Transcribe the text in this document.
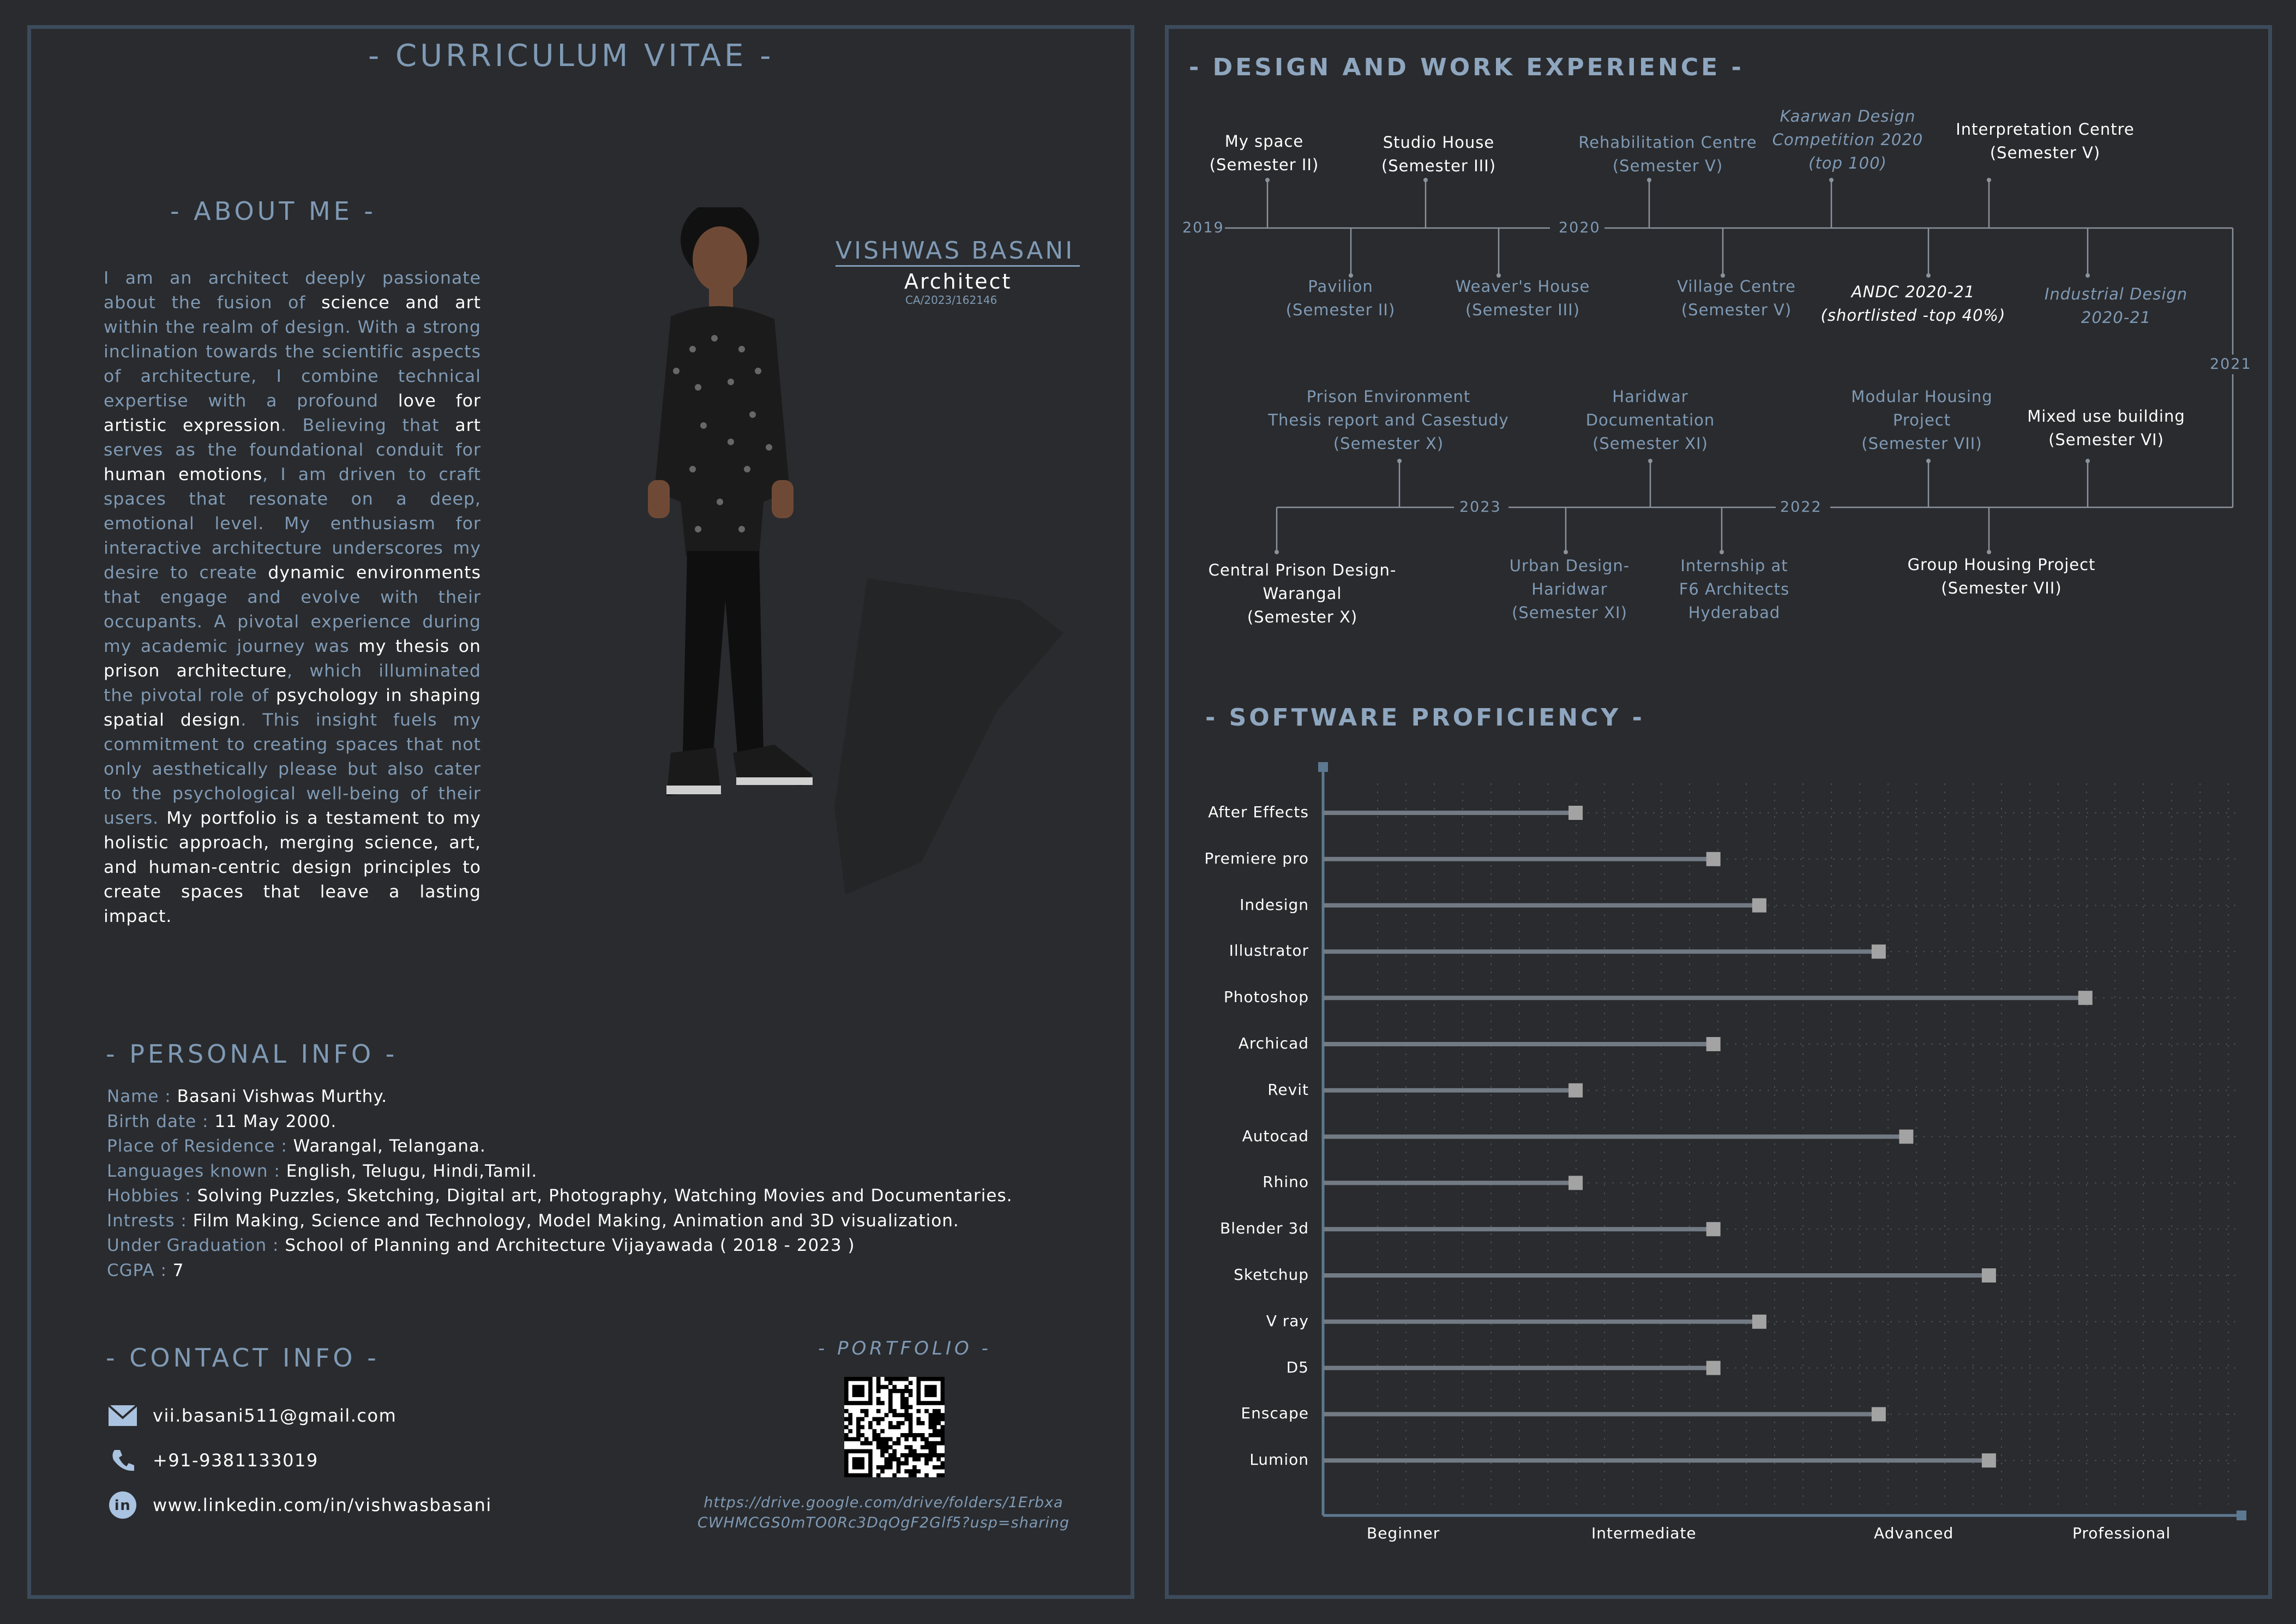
- CURRICULUM VITAE -
- ABOUT ME -

I am an architect deeply passionate about the fusion of science and art within the realm of design. With a strong inclination towards the scientific aspects of architecture, I combine technical expertise with a profound love for artistic expression. Believing that art serves as the foundational conduit for human emotions, I am driven to craft spaces that resonate on a deep, emotional level. My enthusiasm for interactive architecture underscores my desire to create dynamic environments that engage and evolve with their occupants. A pivotal experience during my academic journey was my thesis on prison architecture, which illuminated the pivotal role of psychology in shaping spatial design. This insight fuels my commitment to creating spaces that not only aesthetically please but also cater to the psychological well-being of their users. My portfolio is a testament to my holistic approach, merging science, art, and human-centric design principles to create spaces that leave a lasting impact.

VISHWAS BASANI
Architect
CA/2023/162146
- PERSONAL INFO -
Name : Basani Vishwas Murthy.
Birth date : 11 May 2000.
Place of Residence : Warangal, Telangana.
Languages known : English, Telugu, Hindi,Tamil.
Hobbies : Solving Puzzles, Sketching, Digital art, Photography, Watching Movies and Documentaries.
Intrests : Film Making, Science and Technology, Model Making, Animation and 3D visualization.
Under Graduation : School of Planning and Architecture Vijayawada ( 2018 - 2023 )
CGPA : 7
- CONTACT INFO -
vii.basani511@gmail.com
+91-9381133019
in www.linkedin.com/in/vishwasbasani
- PORTFOLIO -
https://drive.google.com/drive/folders/1Erbxa
CWHMCGS0mTO0Rc3DqOgF2Glf5?usp=sharing
- DESIGN AND WORK EXPERIENCE -
2019	2020
2021
2022
2023
My space
(Semester II)
Studio House
(Semester III)
Rehabilitation Centre
(Semester V)
Kaarwan Design
Competition 2020
(top 100)
Interpretation Centre
(Semester V)
Pavilion
(Semester II)
Weaver's House
(Semester III)
Village Centre
(Semester V)
ANDC 2020-21
(shortlisted -top 40%)
Industrial Design
2020-21
Prison Environment
Thesis report and Casestudy
(Semester X)
Haridwar
Documentation
(Semester XI)
Modular Housing
Project
(Semester VII)
Mixed use building
(Semester VI)
Central Prison Design-
Warangal
(Semester X)
Urban Design-
Haridwar
(Semester XI)
Internship at
F6 Architects
Hyderabad
Group Housing Project
(Semester VII)
- SOFTWARE PROFICIENCY -
After Effects
Premiere pro
Indesign
Illustrator
Photoshop
Archicad
Revit
Autocad
Rhino
Blender 3d
Sketchup
V ray
D5
Enscape
Lumion
Beginner	Intermediate	Advanced	Professional
